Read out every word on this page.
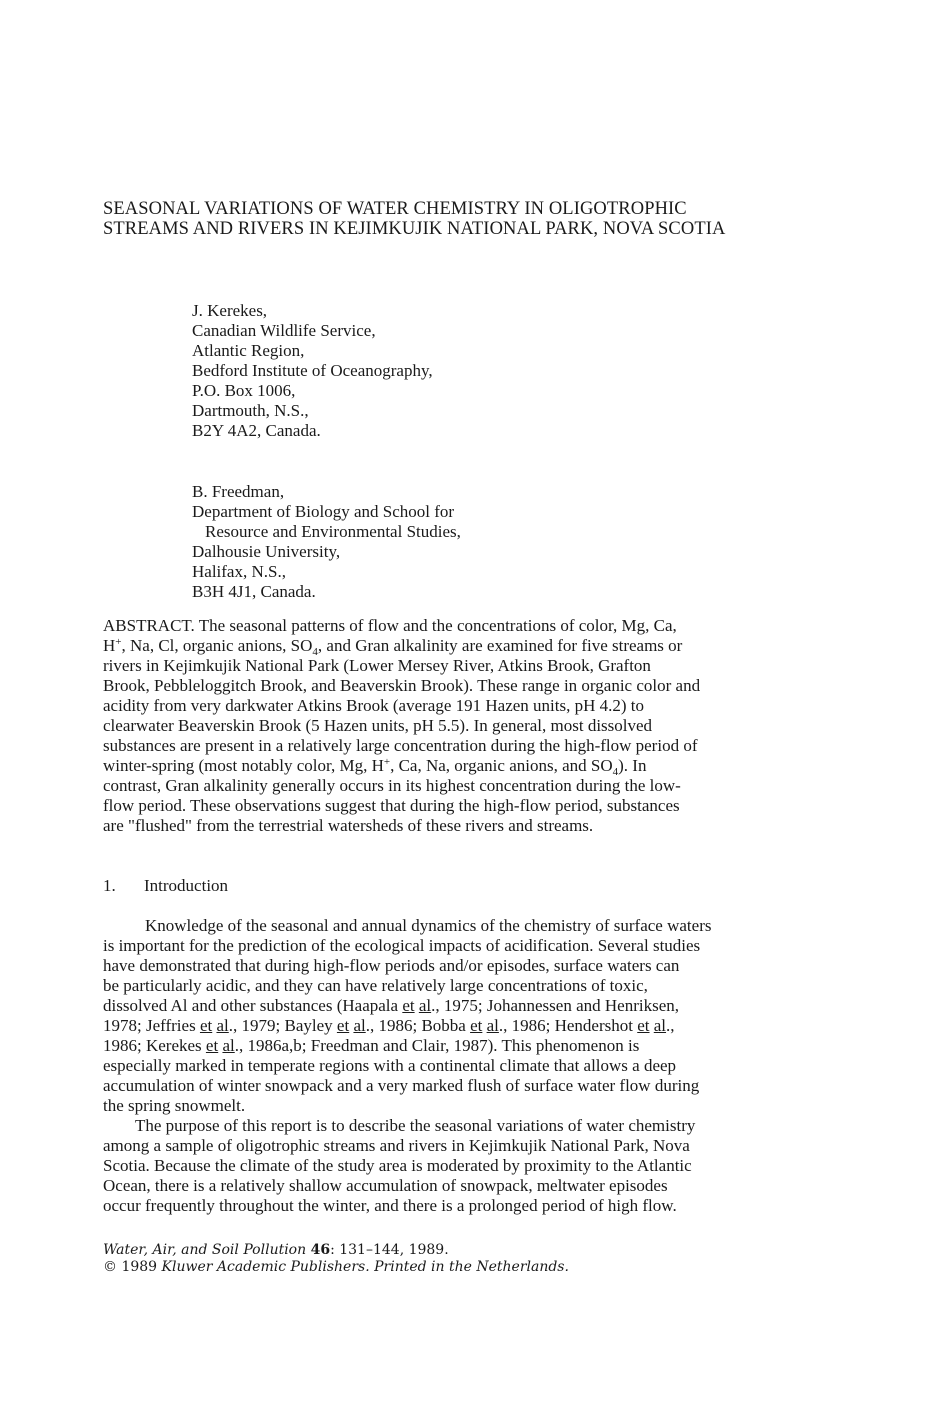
SEASONAL VARIATIONS OF WATER CHEMISTRY IN OLIGOTROPHIC
STREAMS AND RIVERS IN KEJIMKUJIK NATIONAL PARK, NOVA SCOTIA
J. Kerekes,
Canadian Wildlife Service,
Atlantic Region,
Bedford Institute of Oceanography,
P.O. Box 1006,
Dartmouth, N.S.,
B2Y 4A2, Canada.
B. Freedman,
Department of Biology and School for
Resource and Environmental Studies,
Dalhousie University,
Halifax, N.S.,
B3H 4J1, Canada.
ABSTRACT. The seasonal patterns of flow and the concentrations of color, Mg, Ca,
H+, Na, Cl, organic anions, $SO_4$, and Gran alkalinity are examined for five streams or
rivers in Kejimkujik National Park (Lower Mersey River, Atkins Brook, Grafton
Brook, Pebbleloggitch Brook, and Beaverskin Brook). These range in organic color and
acidity from very darkwater Atkins Brook (average 191 Hazen units, pH 4.2) to
clearwater Beaverskin Brook (5 Hazen units, pH 5.5). In general, most dissolved
substances are present in a relatively large concentration during the high-flow period of
winter-spring (most notably color, Mg, H+, Ca, Na, organic anions, and $SO_4$). In
contrast, Gran alkalinity generally occurs in its highest concentration during the low-
flow period. These observations suggest that during the high-flow period, substances
are "flushed" from the terrestrial watersheds of these rivers and streams.
1. Introduction
Knowledge of the seasonal and annual dynamics of the chemistry of surface waters
is important for the prediction of the ecological impacts of acidification. Several studies
have demonstrated that during high-flow periods and/or episodes, surface waters can
be particularly acidic, and they can have relatively large concentrations of toxic,
dissolved Al and other substances (Haapala et al., 1975; Johannessen and Henriksen,
1978; Jeffries et al., 1979; Bayley et al., 1986; Bobba et al., 1986; Hendershot et al.,
1986; Kerekes et al., 1986a,b; Freedman and Clair, 1987). This phenomenon is
especially marked in temperate regions with a continental climate that allows a deep
accumulation of winter snowpack and a very marked flush of surface water flow during
the spring snowmelt.
The purpose of this report is to describe the seasonal variations of water chemistry
among a sample of oligotrophic streams and rivers in Kejimkujik National Park, Nova
Scotia. Because the climate of the study area is moderated by proximity to the Atlantic
Ocean, there is a relatively shallow accumulation of snowpack, meltwater episodes
occur frequently throughout the winter, and there is a prolonged period of high flow.
Water, Air, and Soil Pollution 46: 131–144, 1989.
© 1989 Kluwer Academic Publishers. Printed in the Netherlands.
